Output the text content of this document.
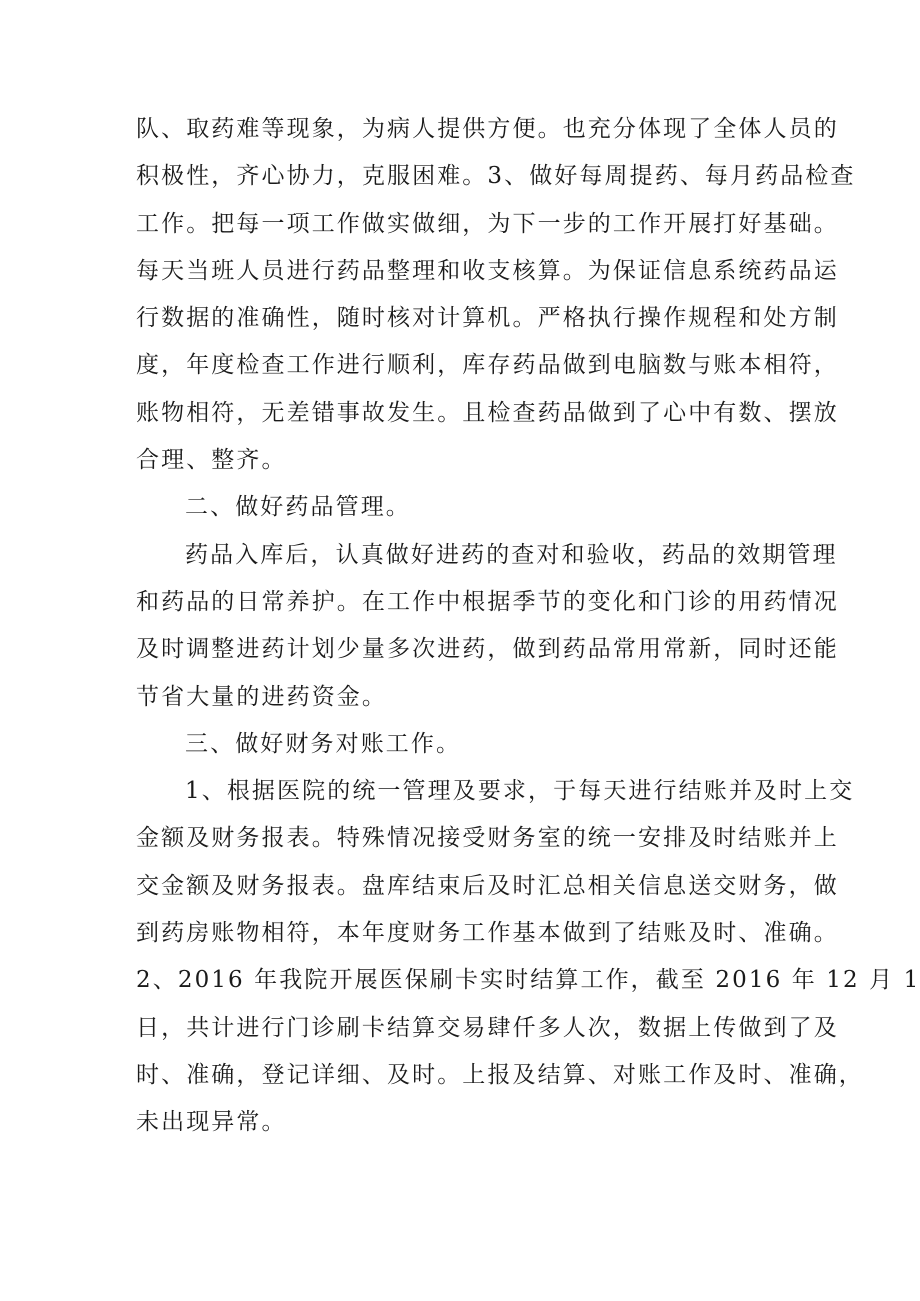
队、取药难等现象，为病人提供方便。也充分体现了全体人员的

积极性，齐心协力，克服困难。3、做好每周提药、每月药品检查

工作。把每一项工作做实做细，为下一步的工作开展打好基础。

每天当班人员进行药品整理和收支核算。为保证信息系统药品运

行数据的准确性，随时核对计算机。严格执行操作规程和处方制

度，年度检查工作进行顺利，库存药品做到电脑数与账本相符，

账物相符，无差错事故发生。且检查药品做到了心中有数、摆放

合理、整齐。

二、做好药品管理。

药品入库后，认真做好进药的查对和验收，药品的效期管理

和药品的日常养护。在工作中根据季节的变化和门诊的用药情况

及时调整进药计划少量多次进药，做到药品常用常新，同时还能

节省大量的进药资金。

三、做好财务对账工作。

1、根据医院的统一管理及要求，于每天进行结账并及时上交

金额及财务报表。特殊情况接受财务室的统一安排及时结账并上

交金额及财务报表。盘库结束后及时汇总相关信息送交财务，做

到药房账物相符，本年度财务工作基本做到了结账及时、准确。

2、2016 年我院开展医保刷卡实时结算工作，截至 2016 年 12 月 1

日，共计进行门诊刷卡结算交易肆仟多人次，数据上传做到了及

时、准确，登记详细、及时。上报及结算、对账工作及时、准确，

未出现异常。
